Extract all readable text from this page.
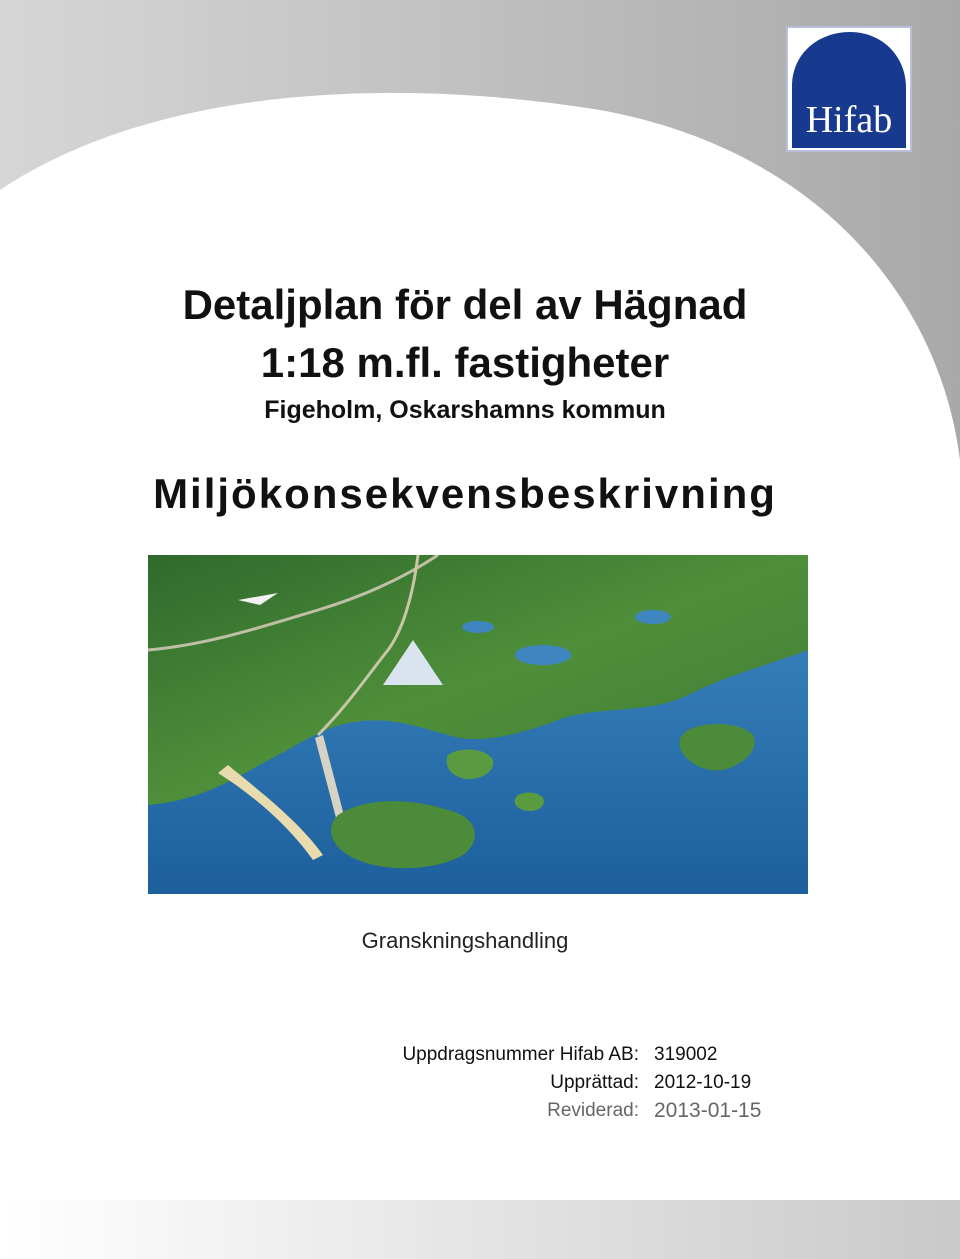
Hifab
Detaljplan för del av Hägnad
1:18 m.fl. fastigheter
Figeholm, Oskarshamns kommun
Miljökonsekvensbeskrivning
Granskningshandling
Uppdragsnummer Hifab AB: 319002
Upprättad: 2012-10-19
Reviderad: 2013-01-15
